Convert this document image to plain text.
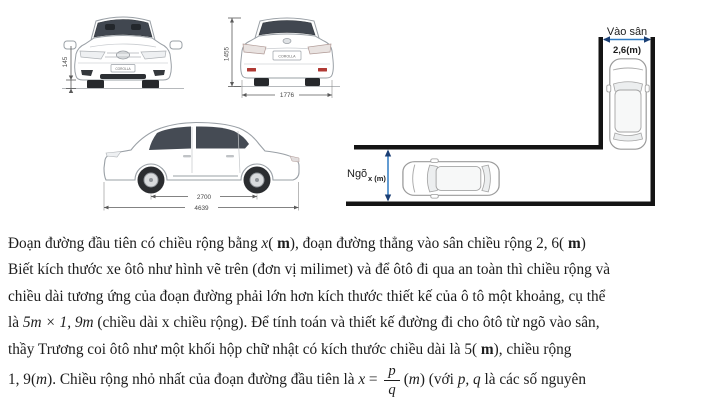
COROLLA
145
COROLLA
1455
1776
2700
4639
Vào sân
2,6(m)
Ngõ x (m)
Đoạn đường đầu tiên có chiều rộng bằng x( m), đoạn đường thẳng vào sân chiều rộng 2, 6( m)
Biết kích thước xe ôtô như hình vẽ trên (đơn vị milimet) và để ôtô đi qua an toàn thì chiều rộng và
chiều dài tương ứng của đoạn đường phải lớn hơn kích thước thiết kế của ô tô một khoảng, cụ thể
là 5m × 1, 9m (chiều dài x chiều rộng). Để tính toán và thiết kế đường đi cho ôtô từ ngõ vào sân,
thầy Trương coi ôtô như một khối hộp chữ nhật có kích thước chiều dài là 5( m), chiều rộng
1, 9(m). Chiều rộng nhỏ nhất của đoạn đường đầu tiên là $x = \frac{p}{q} (m)$ (với p, q là các số nguyên
